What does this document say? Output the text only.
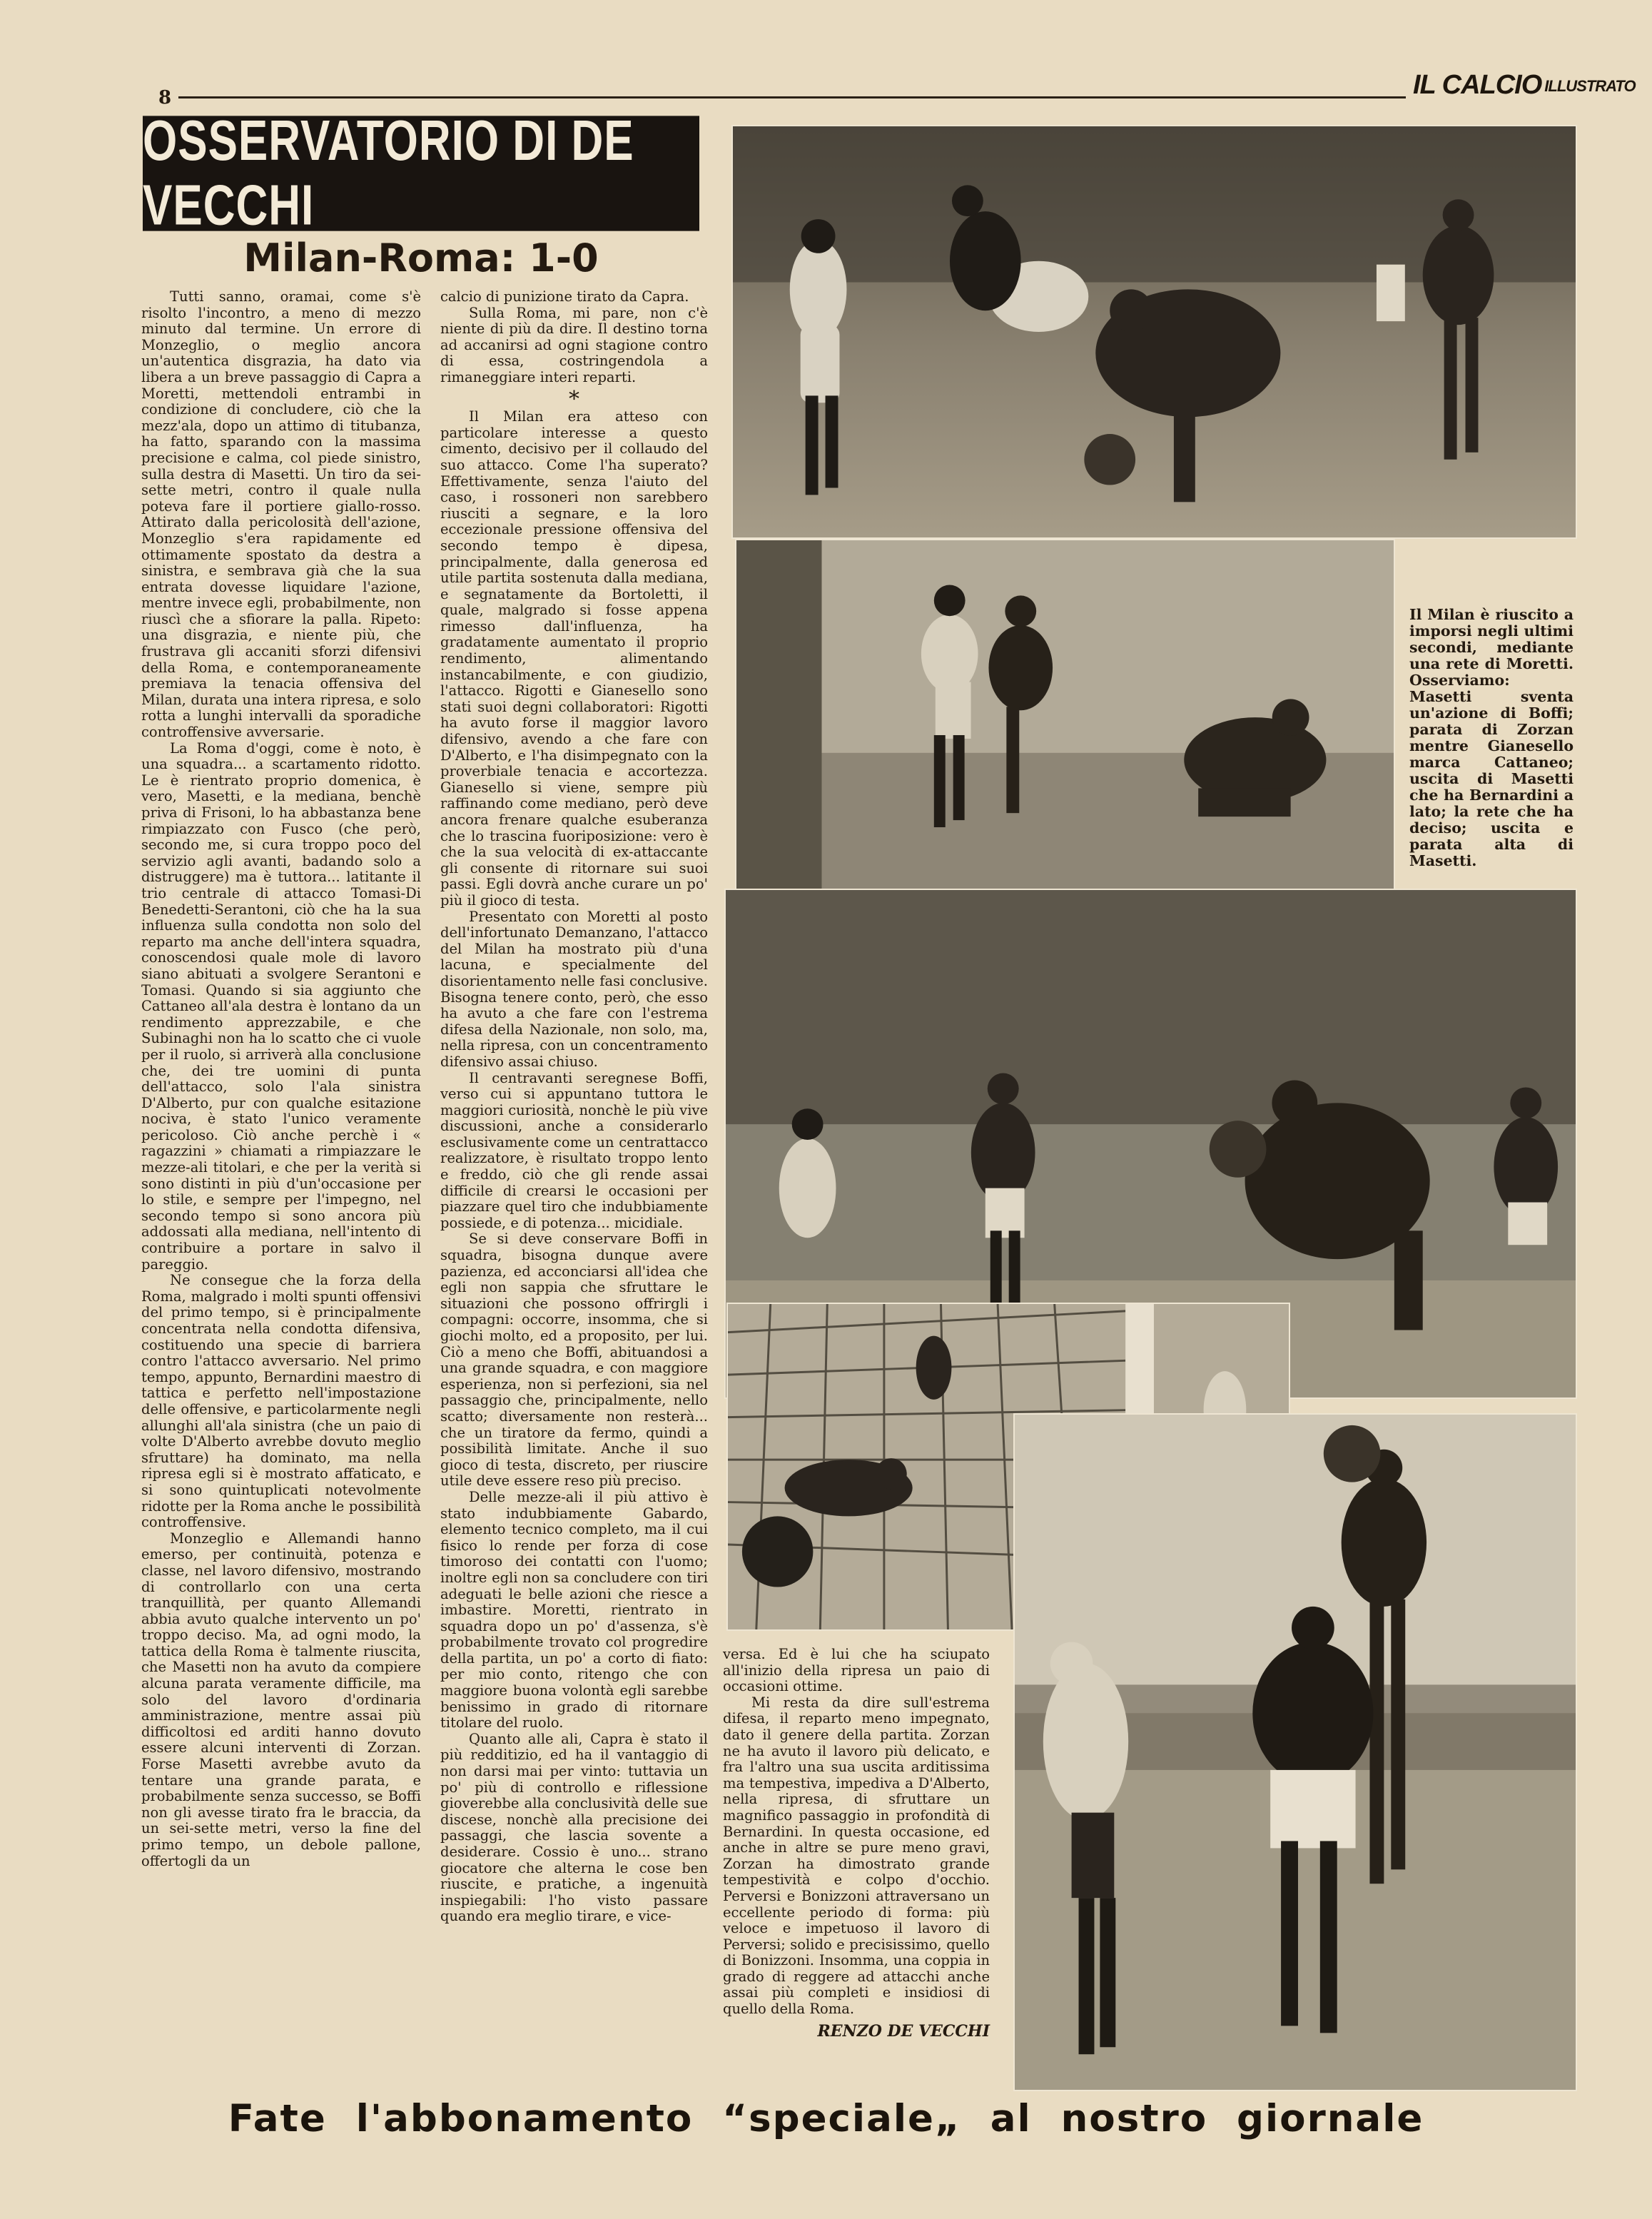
8	IL CALCIO ILLUSTRATO
OSSERVATORIO DI DE VECCHI
Milan-Roma: 1-0

Tutti sanno, oramai, come s'è risolto l'incontro, a meno di mezzo minuto dal termine. Un errore di Monzeglio, o meglio ancora un'autentica disgrazia, ha dato via libera a un breve passaggio di Capra a Moretti, mettendoli entrambi in condizione di concludere, ciò che la mezz'ala, dopo un attimo di titubanza, ha fatto, sparando con la massima precisione e calma, col piede sinistro, sulla destra di Masetti. Un tiro da sei-sette metri, contro il quale nulla poteva fare il portiere giallo-rosso. Attirato dalla pericolosità dell'azione, Monzeglio s'era rapidamente ed ottimamente spostato da destra a sinistra, e sembrava già che la sua entrata dovesse liquidare l'azione, mentre invece egli, probabilmente, non riuscì che a sfiorare la palla. Ripeto: una disgrazia, e niente più, che frustrava gli accaniti sforzi difensivi della Roma, e contemporaneamente premiava la tenacia offensiva del Milan, durata una intera ripresa, e solo rotta a lunghi intervalli da sporadiche controffensive avversarie.

La Roma d'oggi, come è noto, è una squadra... a scartamento ridotto. Le è rientrato proprio domenica, è vero, Masetti, e la mediana, benchè priva di Frisoni, lo ha abbastanza bene rimpiazzato con Fusco (che però, secondo me, si cura troppo poco del servizio agli avanti, badando solo a distruggere) ma è tuttora... latitante il trio centrale di attacco Tomasi-Di Benedetti-Serantoni, ciò che ha la sua influenza sulla condotta non solo del reparto ma anche dell'intera squadra, conoscendosi quale mole di lavoro siano abituati a svolgere Serantoni e Tomasi. Quando si sia aggiunto che Cattaneo all'ala destra è lontano da un rendimento apprezzabile, e che Subinaghi non ha lo scatto che ci vuole per il ruolo, si arriverà alla conclusione che, dei tre uomini di punta dell'attacco, solo l'ala sinistra D'Alberto, pur con qualche esitazione nociva, è stato l'unico veramente pericoloso. Ciò anche perchè i « ragazzini » chiamati a rimpiazzare le mezze-ali titolari, e che per la verità si sono distinti in più d'un'occasione per lo stile, e sempre per l'impegno, nel secondo tempo si sono ancora più addossati alla mediana, nell'intento di contribuire a portare in salvo il pareggio.

Ne consegue che la forza della Roma, malgrado i molti spunti offensivi del primo tempo, si è principalmente concentrata nella condotta difensiva, costituendo una specie di barriera contro l'attacco avversario. Nel primo tempo, appunto, Bernardini maestro di tattica e perfetto nell'impostazione delle offensive, e particolarmente negli allunghi all'ala sinistra (che un paio di volte D'Alberto avrebbe dovuto meglio sfruttare) ha dominato, ma nella ripresa egli si è mostrato affaticato, e si sono quintuplicati notevolmente ridotte per la Roma anche le possibilità controffensive.

Monzeglio e Allemandi hanno emerso, per continuità, potenza e classe, nel lavoro difensivo, mostrando di controllarlo con una certa tranquillità, per quanto Allemandi abbia avuto qualche intervento un po' troppo deciso. Ma, ad ogni modo, la tattica della Roma è talmente riuscita, che Masetti non ha avuto da compiere alcuna parata veramente difficile, ma solo del lavoro d'ordinaria amministrazione, mentre assai più difficoltosi ed arditi hanno dovuto essere alcuni interventi di Zorzan. Forse Masetti avrebbe avuto da tentare una grande parata, e probabilmente senza successo, se Boffi non gli avesse tirato fra le braccia, da un sei-sette metri, verso la fine del primo tempo, un debole pallone, offertogli da un

calcio di punizione tirato da Capra.

Sulla Roma, mi pare, non c'è niente di più da dire. Il destino torna ad accanirsi ad ogni stagione contro di essa, costringendola a rimaneggiare interi reparti.

*

Il Milan era atteso con particolare interesse a questo cimento, decisivo per il collaudo del suo attacco. Come l'ha superato? Effettivamente, senza l'aiuto del caso, i rossoneri non sarebbero riusciti a segnare, e la loro eccezionale pressione offensiva del secondo tempo è dipesa, principalmente, dalla generosa ed utile partita sostenuta dalla mediana, e segnatamente da Bortoletti, il quale, malgrado si fosse appena rimesso dall'influenza, ha gradatamente aumentato il proprio rendimento, alimentando instancabilmente, e con giudizio, l'attacco. Rigotti e Gianesello sono stati suoi degni collaboratori: Rigotti ha avuto forse il maggior lavoro difensivo, avendo a che fare con D'Alberto, e l'ha disimpegnato con la proverbiale tenacia e accortezza. Gianesello si viene, sempre più raffinando come mediano, però deve ancora frenare qualche esuberanza che lo trascina fuoriposizione: vero è che la sua velocità di ex-attaccante gli consente di ritornare sui suoi passi. Egli dovrà anche curare un po' più il gioco di testa.

Presentato con Moretti al posto dell'infortunato Demanzano, l'attacco del Milan ha mostrato più d'una lacuna, e specialmente del disorientamento nelle fasi conclusive. Bisogna tenere conto, però, che esso ha avuto a che fare con l'estrema difesa della Nazionale, non solo, ma, nella ripresa, con un concentramento difensivo assai chiuso.

Il centravanti seregnese Boffi, verso cui si appuntano tuttora le maggiori curiosità, nonchè le più vive discussioni, anche a considerarlo esclusivamente come un centrattacco realizzatore, è risultato troppo lento e freddo, ciò che gli rende assai difficile di crearsi le occasioni per piazzare quel tiro che indubbiamente possiede, e di potenza... micidiale.

Se si deve conservare Boffi in squadra, bisogna dunque avere pazienza, ed acconciarsi all'idea che egli non sappia che sfruttare le situazioni che possono offrirgli i compagni: occorre, insomma, che si giochi molto, ed a proposito, per lui. Ciò a meno che Boffi, abituandosi a una grande squadra, e con maggiore esperienza, non si perfezioni, sia nel passaggio che, principalmente, nello scatto; diversamente non resterà... che un tiratore da fermo, quindi a possibilità limitate. Anche il suo gioco di testa, discreto, per riuscire utile deve essere reso più preciso.

Delle mezze-ali il più attivo è stato indubbiamente Gabardo, elemento tecnico completo, ma il cui fisico lo rende per forza di cose timoroso dei contatti con l'uomo; inoltre egli non sa concludere con tiri adeguati le belle azioni che riesce a imbastire. Moretti, rientrato in squadra dopo un po' d'assenza, s'è probabilmente trovato col progredire della partita, un po' a corto di fiato: per mio conto, ritengo che con maggiore buona volontà egli sarebbe benissimo in grado di ritornare titolare del ruolo.

Quanto alle ali, Capra è stato il più redditizio, ed ha il vantaggio di non darsi mai per vinto: tuttavia un po' più di controllo e riflessione gioverebbe alla conclusività delle sue discese, nonchè alla precisione dei passaggi, che lascia sovente a desiderare. Cossio è uno... strano giocatore che alterna le cose ben riuscite, e pratiche, a ingenuità inspiegabili: l'ho visto passare quando era meglio tirare, e vice-

versa. Ed è lui che ha sciupato all'inizio della ripresa un paio di occasioni ottime.

Mi resta da dire sull'estrema difesa, il reparto meno impegnato, dato il genere della partita. Zorzan ne ha avuto il lavoro più delicato, e fra l'altro una sua uscita arditissima ma tempestiva, impediva a D'Alberto, nella ripresa, di sfruttare un magnifico passaggio in profondità di Bernardini. In questa occasione, ed anche in altre se pure meno gravi, Zorzan ha dimostrato grande tempestività e colpo d'occhio. Perversi e Bonizzoni attraversano un eccellente periodo di forma: più veloce e impetuoso il lavoro di Perversi; solido e precisissimo, quello di Bonizzoni. Insomma, una coppia in grado di reggere ad attacchi anche assai più completi e insidiosi di quello della Roma.

RENZO DE VECCHI
Il Milan è riuscito a imporsi negli ultimi secondi, mediante una rete di Moretti. Osserviamo: Masetti sventa un'azione di Boffi; parata di Zorzan mentre Gianesello marca Cattaneo; uscita di Masetti che ha Bernardini a lato; la rete che ha deciso; uscita e parata alta di Masetti.
Fate l'abbonamento “speciale„ al nostro giornale
